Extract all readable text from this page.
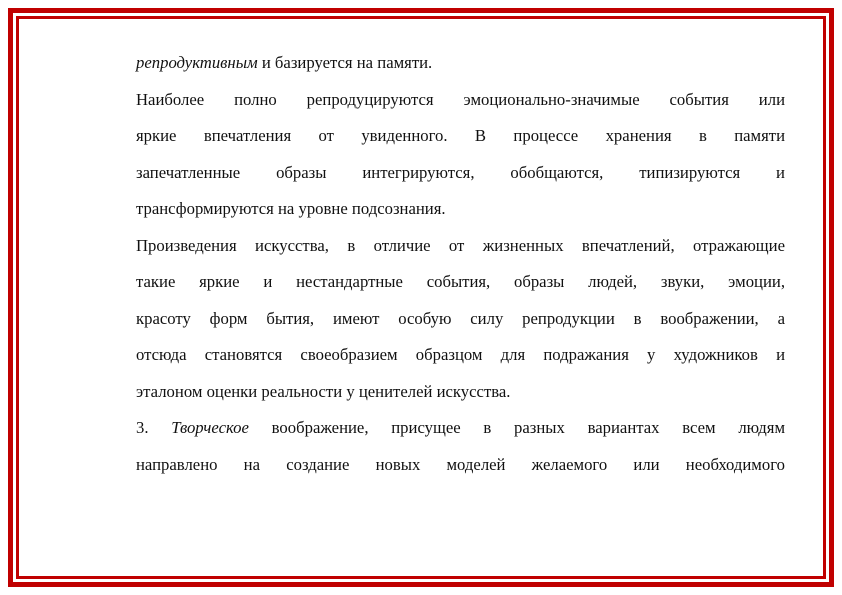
репродуктивным и базируется на памяти.
Наиболее полно репродуцируются эмоционально-значимые события или
яркие впечатления от увиденного. В процессе хранения в памяти
запечатленные образы интегрируются, обобщаются, типизируются и
трансформируются на уровне подсознания.
Произведения искусства, в отличие от жизненных впечатлений, отражающие
такие яркие и нестандартные события, образы людей, звуки, эмоции,
красоту форм бытия, имеют особую силу репродукции в воображении, а
отсюда становятся своеобразием образцом для подражания у художников и
эталоном оценки реальности у ценителей искусства.
3. Творческое воображение, присущее в разных вариантах всем людям
направлено на создание новых моделей желаемого или необходимого
